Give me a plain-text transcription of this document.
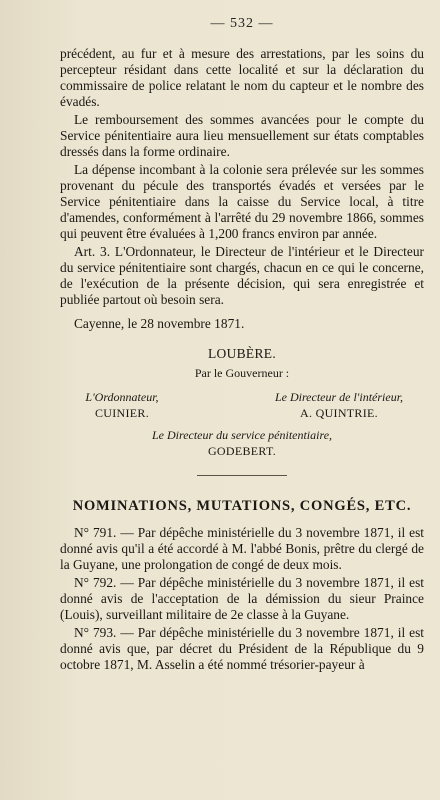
— 532 —

précédent, au fur et à mesure des arrestations, par les soins du percepteur résidant dans cette localité et sur la déclaration du commissaire de police relatant le nom du capteur et le nombre des évadés.

Le remboursement des sommes avancées pour le compte du Service pénitentiaire aura lieu mensuellement sur états comptables dressés dans la forme ordinaire.

La dépense incombant à la colonie sera prélevée sur les sommes provenant du pécule des transportés évadés et versées par le Service pénitentiaire dans la caisse du Service local, à titre d'amendes, conformément à l'arrêté du 29 novembre 1866, sommes qui peuvent être évaluées à 1,200 francs environ par année.

Art. 3. L'Ordonnateur, le Directeur de l'intérieur et le Directeur du service pénitentiaire sont chargés, chacun en ce qui le concerne, de l'exécution de la présente décision, qui sera enregistrée et publiée partout où besoin sera.

Cayenne, le 28 novembre 1871.

LOUBÈRE.
Par le Gouverneur :
L'Ordonnateur,
CUINIER.
Le Directeur de l'intérieur,
A. QUINTRIE.
Le Directeur du service pénitentiaire,
GODEBERT.
NOMINATIONS, MUTATIONS, CONGÉS, ETC.

N° 791. — Par dépêche ministérielle du 3 novembre 1871, il est donné avis qu'il a été accordé à M. l'abbé Bonis, prêtre du clergé de la Guyane, une prolongation de congé de deux mois.

N° 792. — Par dépêche ministérielle du 3 novembre 1871, il est donné avis de l'acceptation de la démission du sieur Praince (Louis), surveillant militaire de 2e classe à la Guyane.

N° 793. — Par dépêche ministérielle du 3 novembre 1871, il est donné avis que, par décret du Président de la République du 9 octobre 1871, M. Asselin a été nommé trésorier-payeur à
